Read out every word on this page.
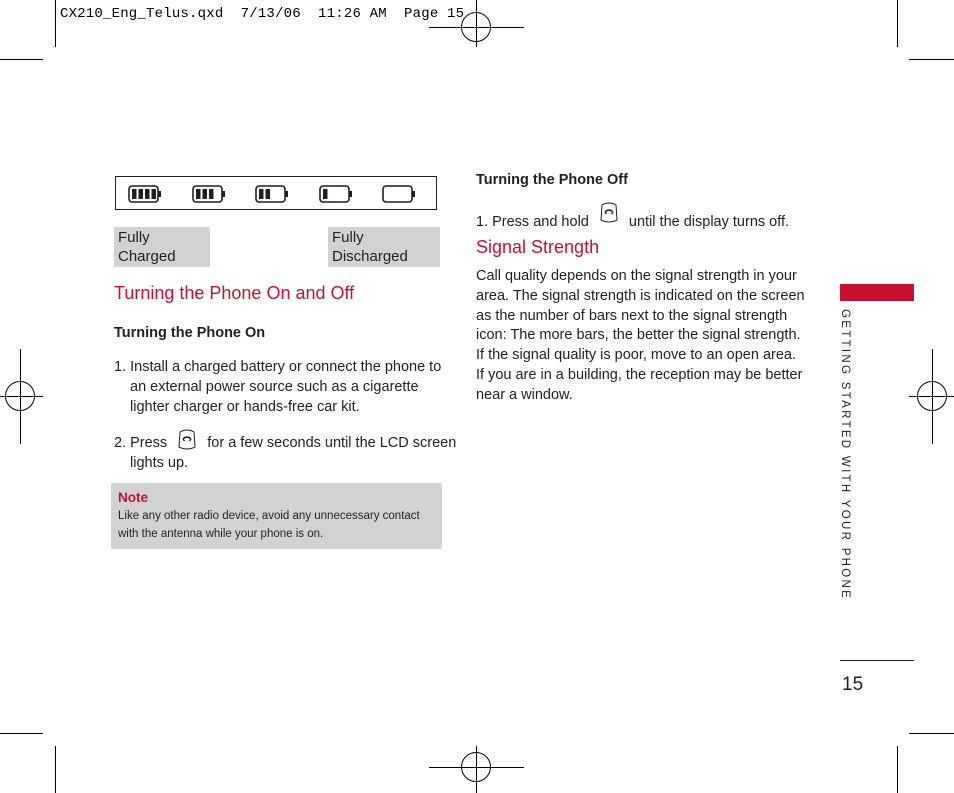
CX210_Eng_Telus.qxd  7/13/06  11:26 AM  Page 15
Fully Charged
Fully Discharged
Turning the Phone On and Off
Turning the Phone On
1. Install a charged battery or connect the phone to an external power source such as a cigarette lighter charger or hands-free car kit.
2. Press	for a few seconds until the LCD screen lights up.
Note
Like any other radio device, avoid any unnecessary contact with the antenna while your phone is on.
Turning the Phone Off
1. Press and hold	until the display turns off.
Signal Strength
Call quality depends on the signal strength in your area. The signal strength is indicated on the screen as the number of bars next to the signal strength icon: The more bars, the better the signal strength. If the signal quality is poor, move to an open area. If you are in a building, the reception may be better near a window.	GETTING STARTED WITH YOUR PHONE
15
